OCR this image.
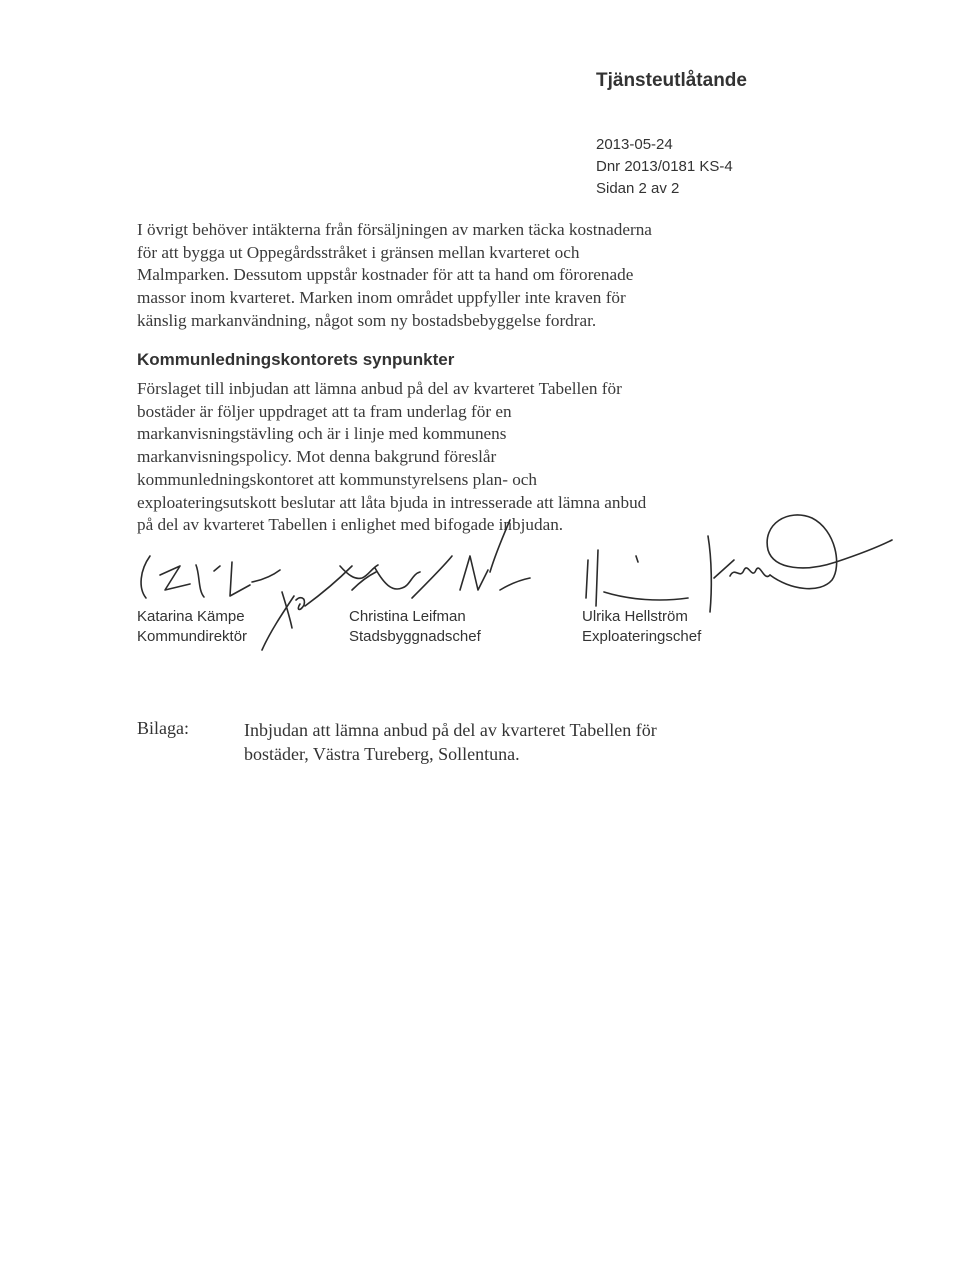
Tjänsteutlåtande
2013-05-24
Dnr 2013/0181 KS-4
Sidan 2 av 2
I övrigt behöver intäkterna från försäljningen av marken täcka kostnaderna
för att bygga ut Oppegårdsstråket i gränsen mellan kvarteret och
Malmparken. Dessutom uppstår kostnader för att ta hand om förorenade
massor inom kvarteret. Marken inom området uppfyller inte kraven för
känslig markanvändning, något som ny bostadsbebyggelse fordrar.
Kommunledningskontorets synpunkter
Förslaget till inbjudan att lämna anbud på del av kvarteret Tabellen för
bostäder är följer uppdraget att ta fram underlag för en
markanvisningstävling och är i linje med kommunens
markanvisningspolicy. Mot denna bakgrund föreslår
kommunledningskontoret att kommunstyrelsens plan- och
exploateringsutskott beslutar att låta bjuda in intresserade att lämna anbud
på del av kvarteret Tabellen i enlighet med bifogade inbjudan.
Katarina Kämpe
Kommundirektör
Christina Leifman
Stadsbyggnadschef
Ulrika Hellström
Exploateringschef
Bilaga:	Inbjudan att lämna anbud på del av kvarteret Tabellen för
bostäder, Västra Tureberg, Sollentuna.
